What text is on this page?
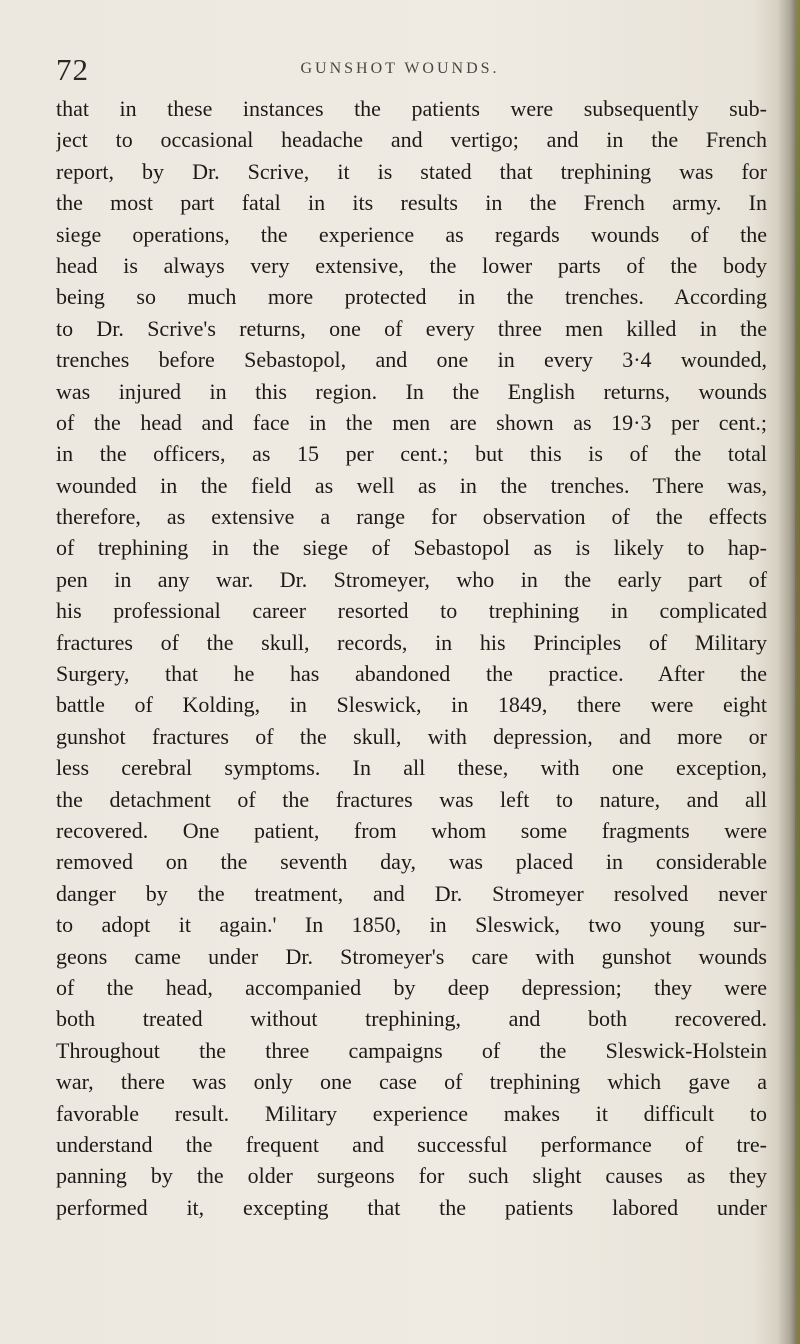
72	GUNSHOT WOUNDS.
that in these instances the patients were subsequently sub-
ject to occasional headache and vertigo; and in the French
report, by Dr. Scrive, it is stated that trephining was for
the most part fatal in its results in the French army. In
siege operations, the experience as regards wounds of the
head is always very extensive, the lower parts of the body
being so much more protected in the trenches. According
to Dr. Scrive's returns, one of every three men killed in the
trenches before Sebastopol, and one in every 3·4 wounded,
was injured in this region. In the English returns, wounds
of the head and face in the men are shown as 19·3 per cent.;
in the officers, as 15 per cent.; but this is of the total
wounded in the field as well as in the trenches. There was,
therefore, as extensive a range for observation of the effects
of trephining in the siege of Sebastopol as is likely to hap-
pen in any war. Dr. Stromeyer, who in the early part of
his professional career resorted to trephining in complicated
fractures of the skull, records, in his Principles of Military
Surgery, that he has abandoned the practice. After the
battle of Kolding, in Sleswick, in 1849, there were eight
gunshot fractures of the skull, with depression, and more or
less cerebral symptoms. In all these, with one exception,
the detachment of the fractures was left to nature, and all
recovered. One patient, from whom some fragments were
removed on the seventh day, was placed in considerable
danger by the treatment, and Dr. Stromeyer resolved never
to adopt it again.' In 1850, in Sleswick, two young sur-
geons came under Dr. Stromeyer's care with gunshot wounds
of the head, accompanied by deep depression; they were
both treated without trephining, and both recovered.
Throughout the three campaigns of the Sleswick-Holstein
war, there was only one case of trephining which gave a
favorable result. Military experience makes it difficult to
understand the frequent and successful performance of tre-
panning by the older surgeons for such slight causes as they
performed it, excepting that the patients labored under
